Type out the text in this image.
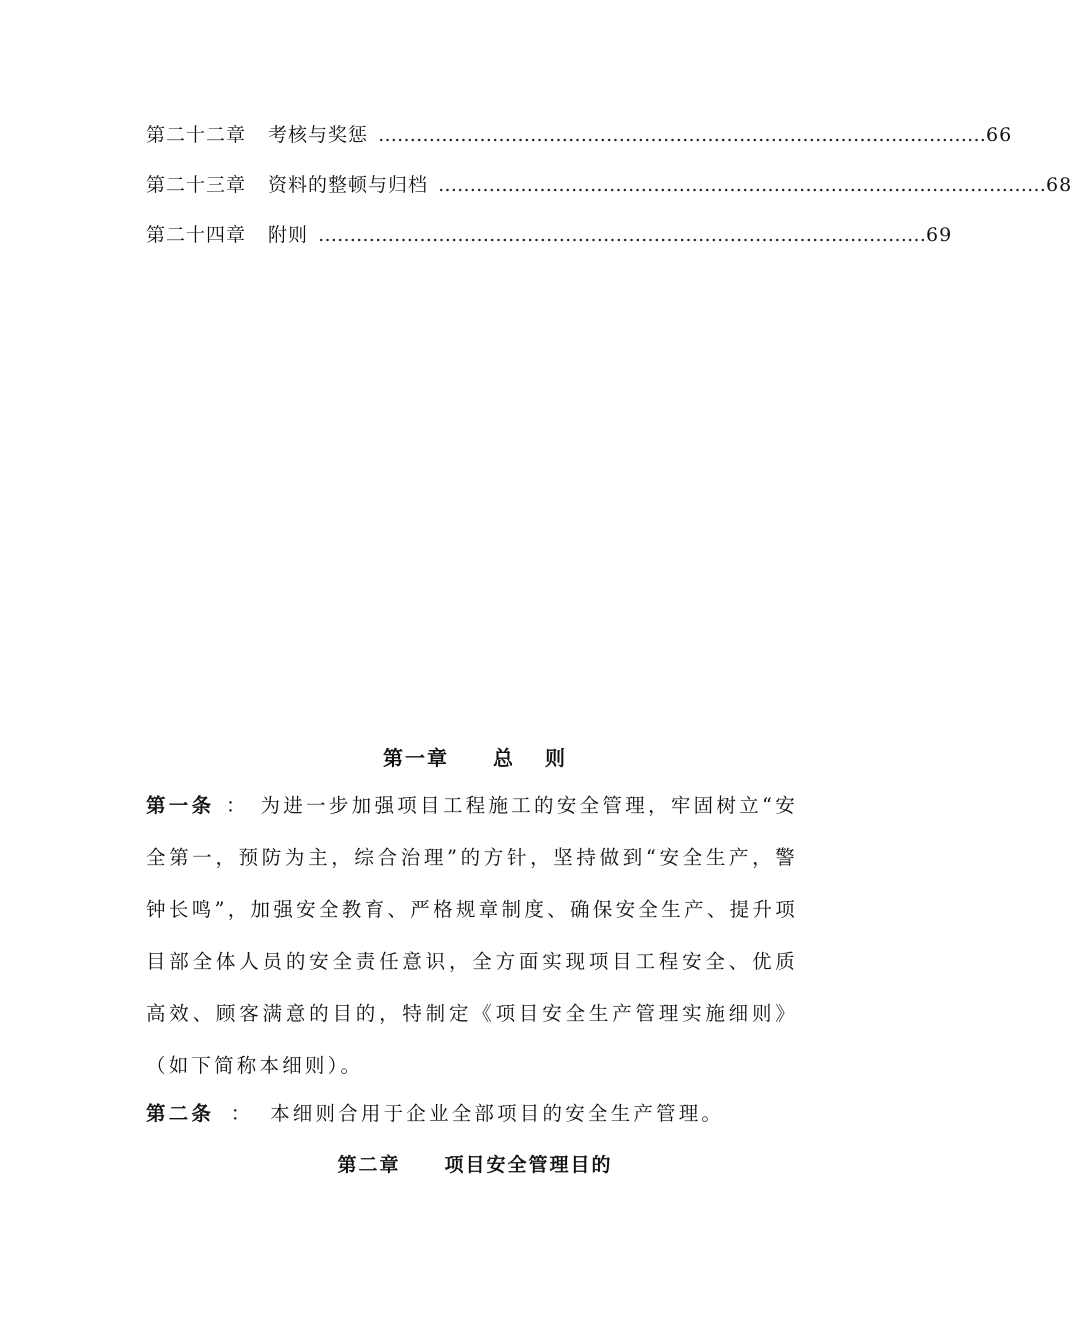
第二十二章 考核与奖惩 …………………………………………………………………………………… 66
第二十三章 资料的整顿与归档 …………………………………………………………………………………… 68
第二十四章 附则 …………………………………………………………………………………… 69
第一章 总 则
第一条 ： 为进一步加强项目工程施工的安全管理，牢固树立“安全第一，预防为主，综合治理”的方针，坚持做到“安全生产，警钟长鸣”，加强安全教育、严格规章制度、确保安全生产、提升项目部全体人员的安全责任意识，全方面实现项目工程安全、优质高效、顾客满意的目的，特制定《项目安全生产管理实施细则》（如下简称本细则）。
第二条 ： 本细则合用于企业全部项目的安全生产管理。
第二章 项目安全管理目的
